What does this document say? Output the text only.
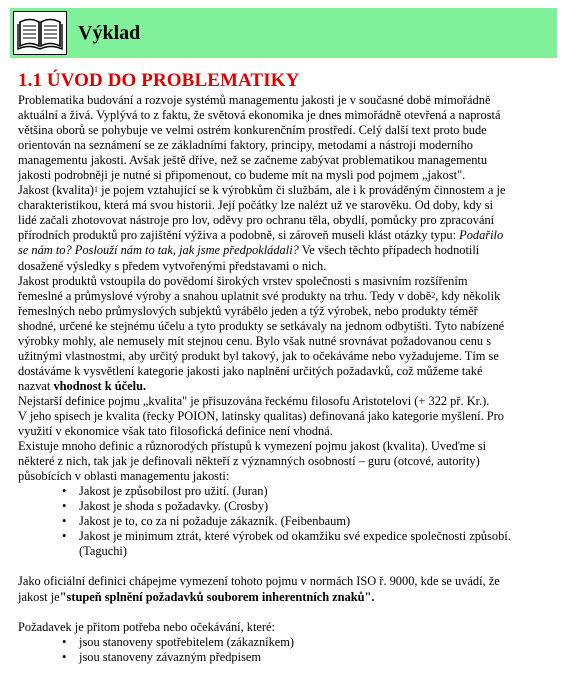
Výklad
1.1 ÚVOD DO PROBLEMATIKY

Problematika budování a rozvoje systémů managementu jakosti je v současné době mimořádně

aktuální a živá. Vyplývá to z faktu, že světová ekonomika je dnes mimořádně otevřená a naprostá

většina oborů se pohybuje ve velmi ostrém konkurenčním prostředí. Celý další text proto bude

orientován na seznámení se ze základními faktory, principy, metodami a nástroji moderního

managementu jakosti. Avšak ještě dříve, než se začneme zabývat problematikou managementu

jakosti podrobněji je nutné si připomenout, co budeme mít na mysli pod pojmem „jakost".

Jakost (kvalita)$^1$ je pojem vztahující se k výrobkům či službám, ale i k prováděným činnostem a je

charakteristikou, která má svou historii. Její počátky lze nalézt už ve starověku. Od doby, kdy si

lidé začali zhotovovat nástroje pro lov, oděvy pro ochranu těla, obydlí, pomůcky pro zpracování

přírodních produktů pro zajištění výživa a podobně, si zároveň museli klást otázky typu: Podařilo

se nám to? Poslouží nám to tak, jak jsme předpokládali? Ve všech těchto případech hodnotili

dosažené výsledky s předem vytvořenými představami o nich.

Jakost produktů vstoupila do povědomí širokých vrstev společnosti s masivním rozšířením

řemeslné a průmyslové výroby a snahou uplatnit své produkty na trhu. Tedy v době$^2$, kdy několik

řemeslných nebo průmyslových subjektů vyrábělo jeden a týž výrobek, nebo produkty téměř

shodné, určené ke stejnému účelu a tyto produkty se setkávaly na jednom odbytišti. Tyto nabízené

výrobky mohly, ale nemusely mít stejnou cenu. Bylo však nutné srovnávat požadovanou cenu s

užitnými vlastnostmi, aby určitý produkt byl takový, jak to očekáváme nebo vyžadujeme. Tím se

dostáváme k vysvětlení kategorie jakosti jako naplnění určitých požadavků, což můžeme také

nazvat vhodnost k účelu.

Nejstarší definice pojmu „kvalita" je přisuzována řeckému filosofu Aristotelovi (+ 322 př. Kr.).

V jeho spisech je kvalita (řecky POION, latinsky qualitas) definovaná jako kategorie myšlení. Pro

využití v ekonomice však tato filosofická definice není vhodná.

Existuje mnoho definic a různorodých přístupů k vymezení pojmu jakost (kvalita). Uveďme si

některé z nich, tak jak je definovali někteří z významných osobností – guru (otcové, autority)

působících v oblasti managementu jakosti:

• Jakost je způsobilost pro užití. (Juran)
• Jakost je shoda s požadavky. (Crosby)
• Jakost je to, co za ni požaduje zákazník. (Feibenbaum)
• Jakost je minimum ztrát, které výrobek od okamžiku své expedice společnosti způsobí.
(Taguchi)

Jako oficiální definici chápejme vymezení tohoto pojmu v normách ISO ř. 9000, kde se uvádí, že

jakost je"stupeň splnění požadavků souborem inherentních znaků".

Požadavek je přitom potřeba nebo očekávání, které:

• jsou stanoveny spotřebitelem (zákazníkem)
• jsou stanoveny závazným předpisem
